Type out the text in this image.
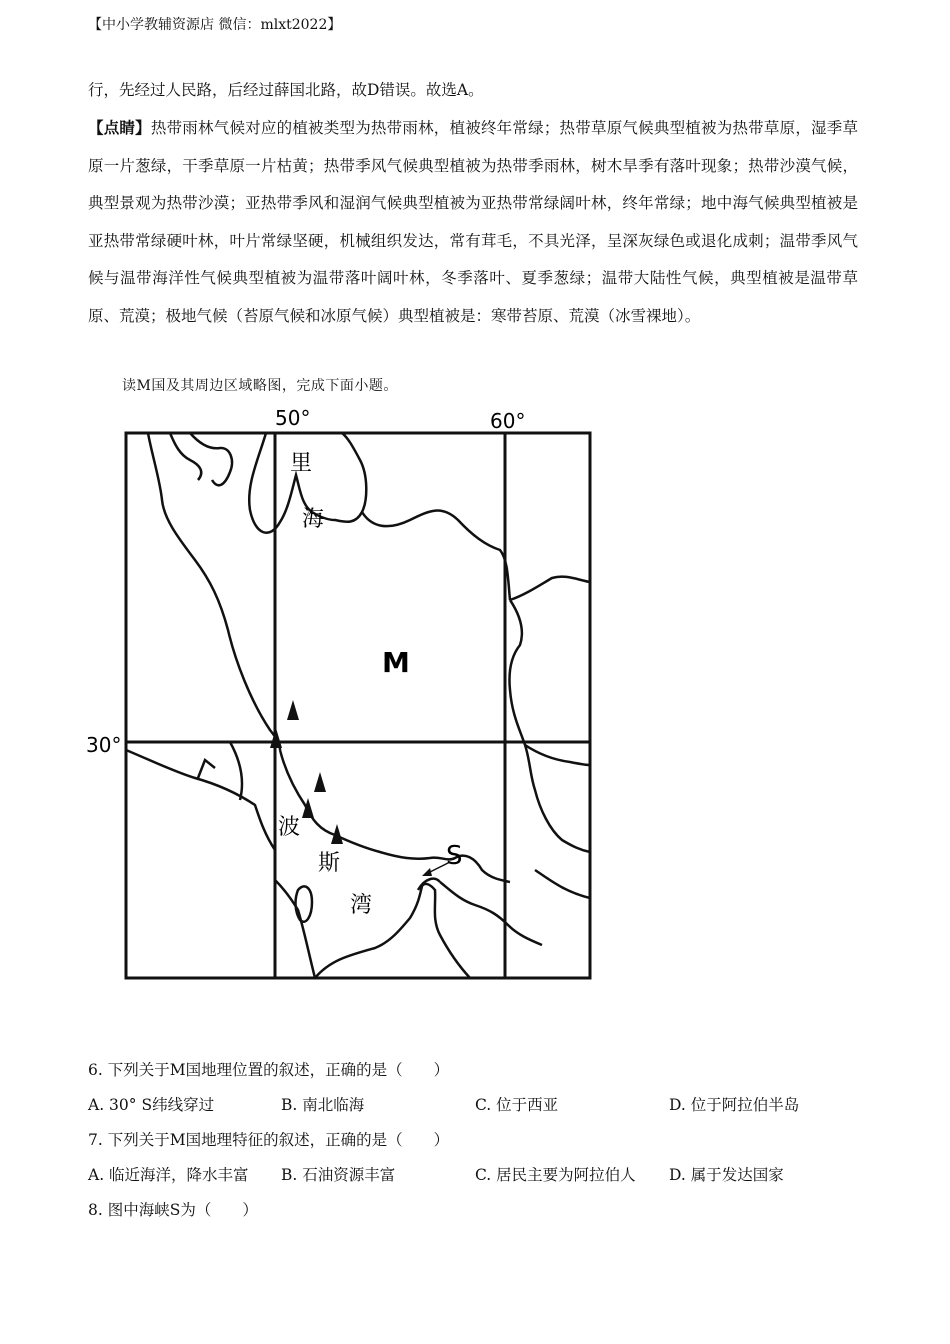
【中小学教辅资源店 微信：mlxt2022】
行，先经过人民路，后经过薛国北路，故D错误。故选A。
【点睛】热带雨林气候对应的植被类型为热带雨林，植被终年常绿；热带草原气候典型植被为热带草原，湿季草原一片葱绿，干季草原一片枯黄；热带季风气候典型植被为热带季雨林，树木旱季有落叶现象；热带沙漠气候，典型景观为热带沙漠；亚热带季风和湿润气候典型植被为亚热带常绿阔叶林，终年常绿；地中海气候典型植被是亚热带常绿硬叶林，叶片常绿坚硬，机械组织发达，常有茸毛，不具光泽，呈深灰绿色或退化成刺；温带季风气候与温带海洋性气候典型植被为温带落叶阔叶林，冬季落叶、夏季葱绿；温带大陆性气候，典型植被是温带草原、荒漠；极地气候（苔原气候和冰原气候）典型植被是：寒带苔原、荒漠（冰雪裸地）。
读M国及其周边区域略图，完成下面小题。
50°	60°
30°
里
海
M
波
斯
湾
S
6. 下列关于M国地理位置的叙述，正确的是（　　）
A. 30° S纬线穿过	B. 南北临海	C. 位于西亚	D. 位于阿拉伯半岛
7. 下列关于M国地理特征的叙述，正确的是（　　）
A. 临近海洋，降水丰富 B. 石油资源丰富	C. 居民主要为阿拉伯人 D. 属于发达国家
8. 图中海峡S为（　　）
